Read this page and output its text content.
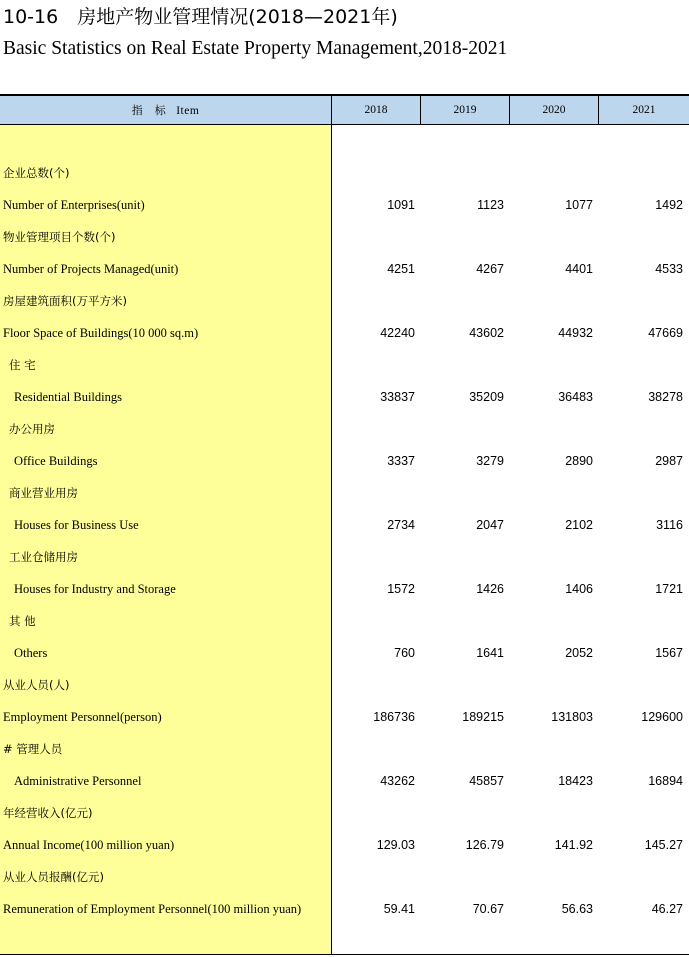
10-16　房地产物业管理情况(2018—2021年)
Basic Statistics on Real Estate Property Management,2018-2021
指　标 Item	2018	2019	2020	2021
企业总数(个)
Number of Enterprises(unit)	1091	1123	1077	1492
物业管理项目个数(个)
Number of Projects Managed(unit)	4251	4267	4401	4533
房屋建筑面积(万平方米)
Floor Space of Buildings(10 000 sq.m)	42240	43602	44932	47669
住 宅
Residential Buildings	33837	35209	36483	38278
办公用房
Office Buildings	3337	3279	2890	2987
商业营业用房
Houses for Business Use	2734	2047	2102	3116
工业仓储用房
Houses for Industry and Storage	1572	1426	1406	1721
其 他
Others	760	1641	2052	1567
从业人员(人)
Employment Personnel(person)	186736	189215	131803	129600
# 管理人员
Administrative Personnel	43262	45857	18423	16894
年经营收入(亿元)
Annual Income(100 million yuan)	129.03	126.79	141.92	145.27
从业人员报酬(亿元)
Remuneration of Employment Personnel(100 million yuan)	59.41	70.67	56.63	46.27
